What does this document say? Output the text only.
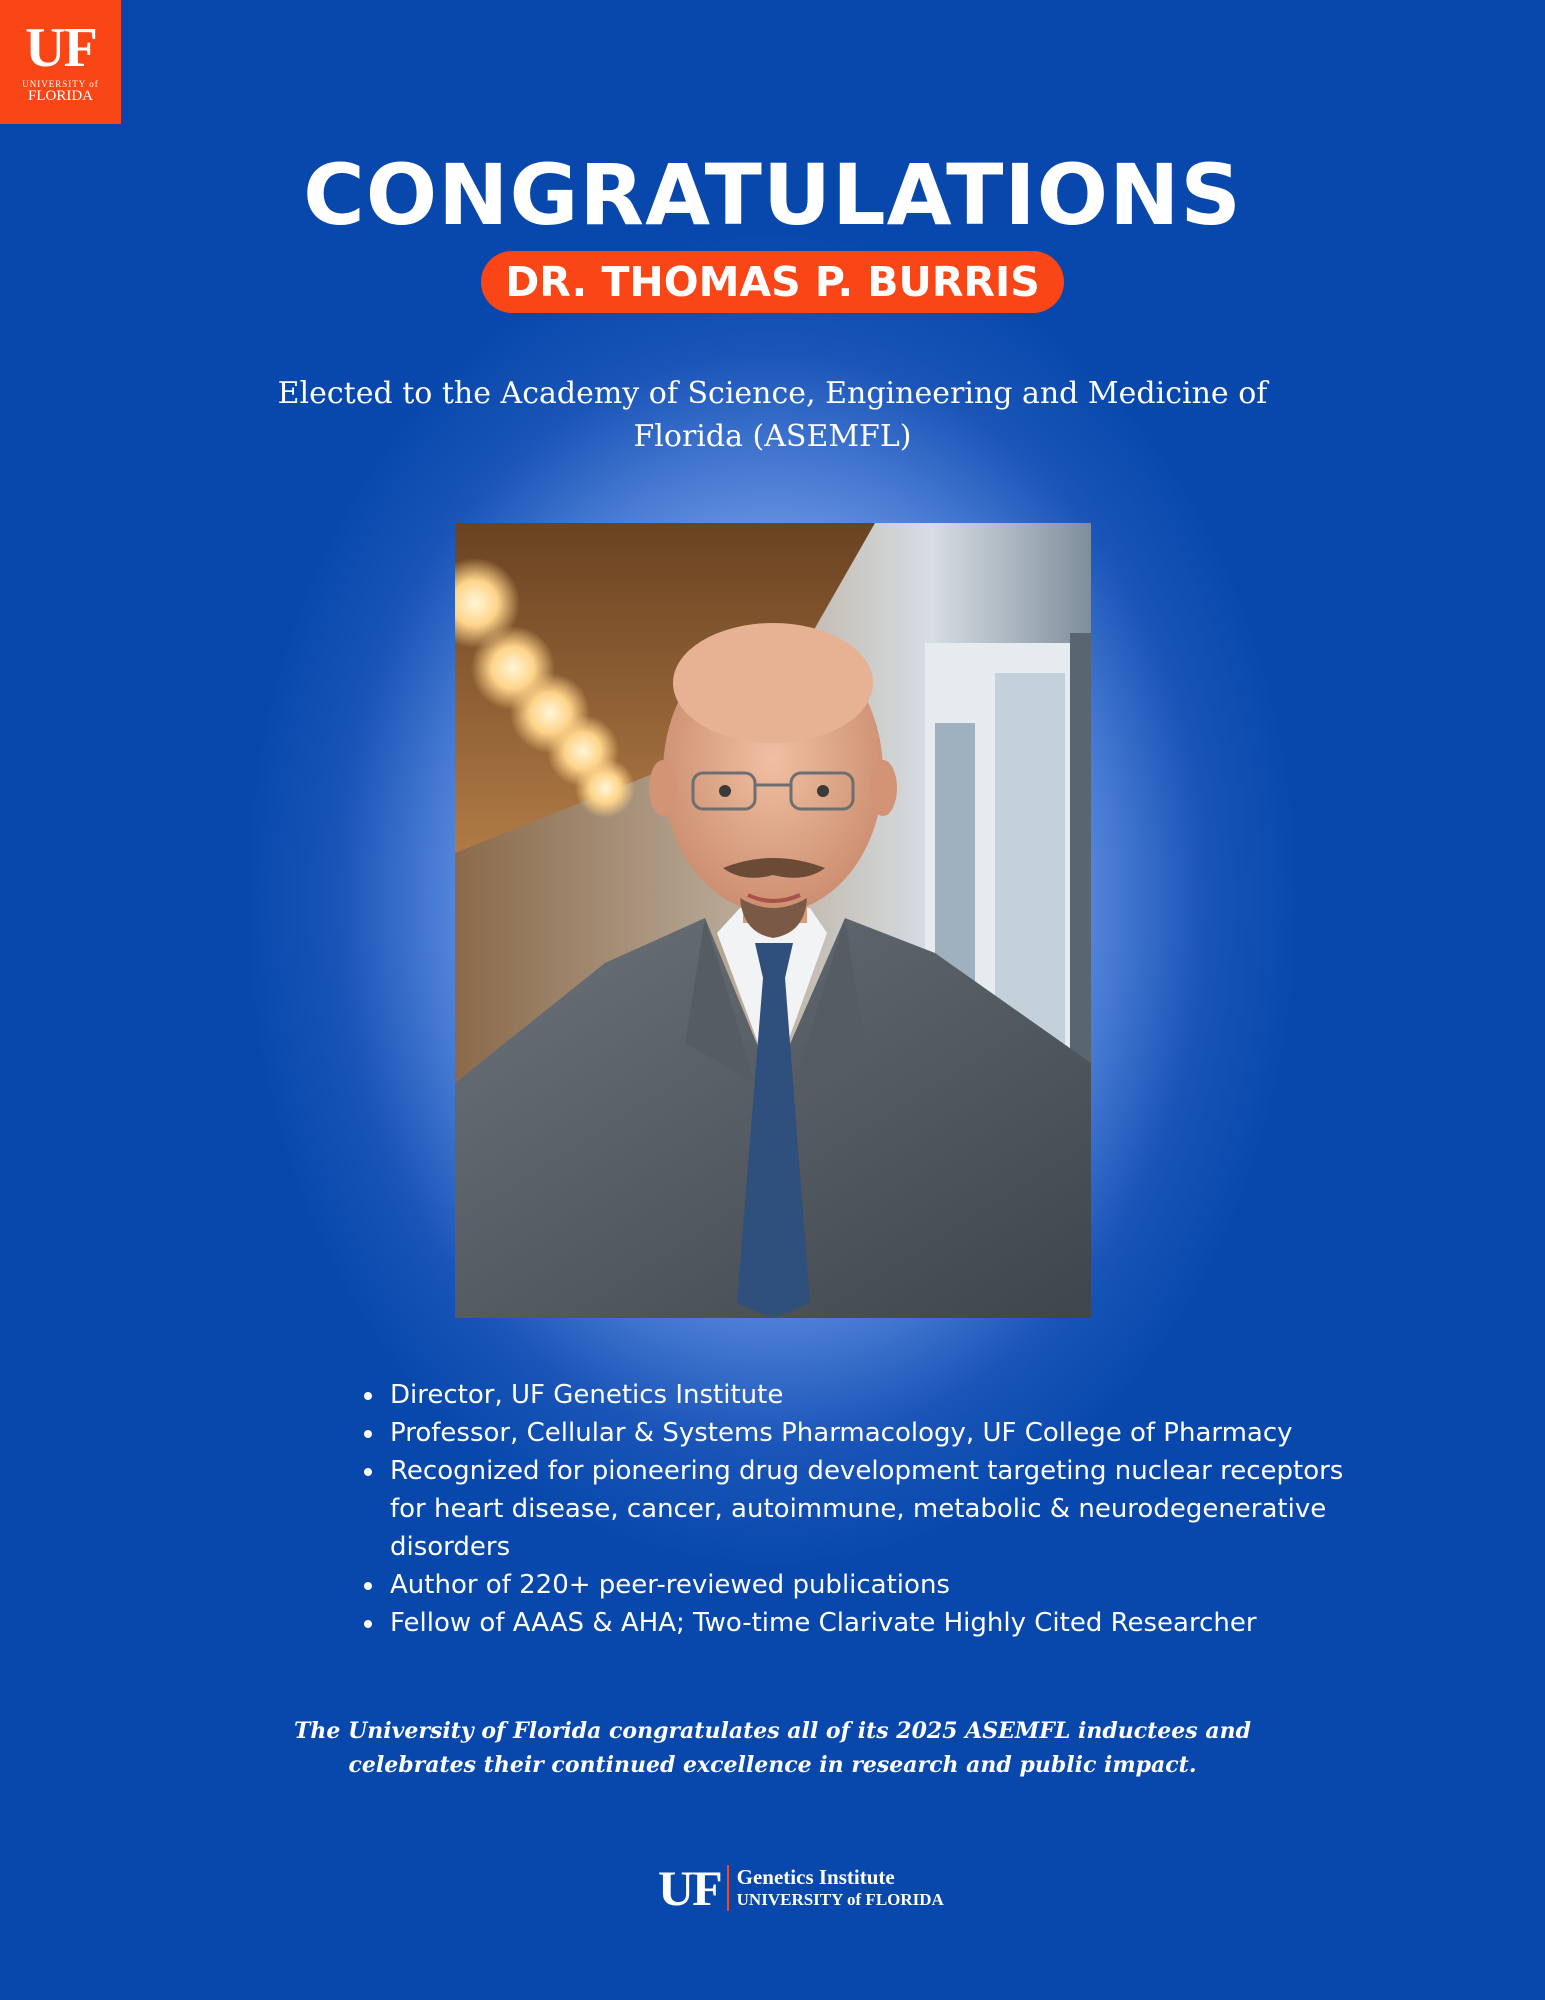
UF
UNIVERSITY of
FLORIDA
CONGRATULATIONS
DR. THOMAS P. BURRIS
Elected to the Academy of Science, Engineering and Medicine of Florida (ASEMFL)
• Director, UF Genetics Institute
• Professor, Cellular & Systems Pharmacology, UF College of Pharmacy
• Recognized for pioneering drug development targeting nuclear receptors for heart disease, cancer, autoimmune, metabolic & neurodegenerative disorders
• Author of 220+ peer-reviewed publications
• Fellow of AAAS & AHA; Two-time Clarivate Highly Cited Researcher
The University of Florida congratulates all of its 2025 ASEMFL inductees and celebrates their continued excellence in research and public impact.
UF Genetics Institute
UNIVERSITY of FLORIDA
